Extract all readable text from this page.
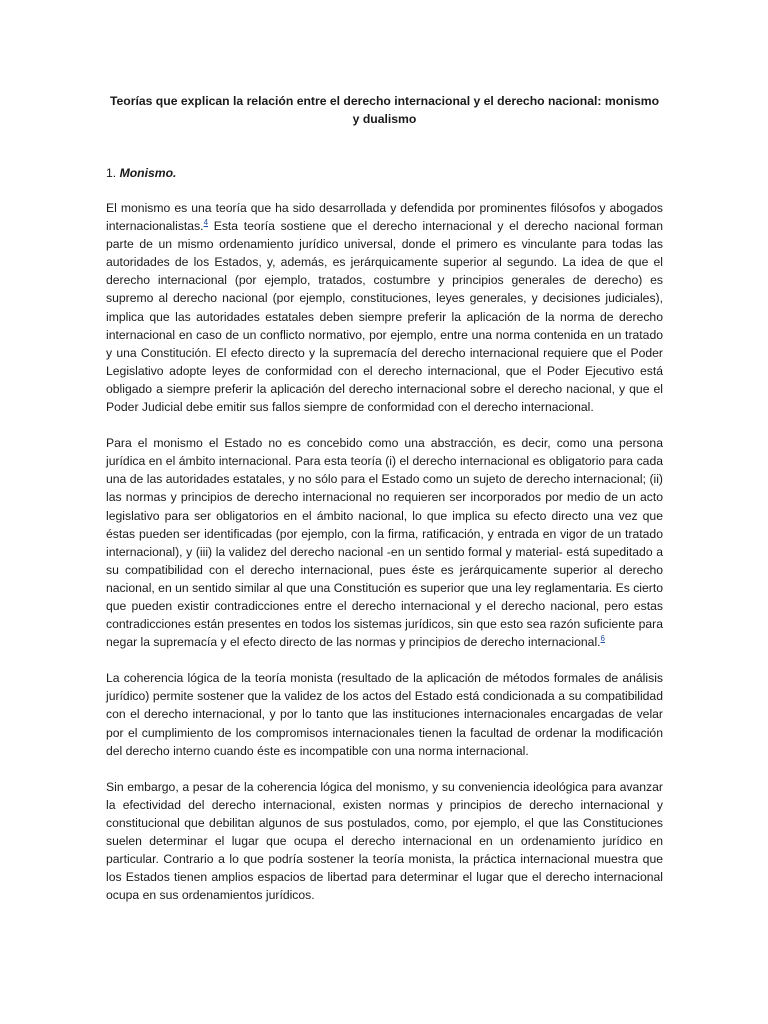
Teorías que explican la relación entre el derecho internacional y el derecho nacional: monismo y dualismo

1. Monismo.

El monismo es una teoría que ha sido desarrollada y defendida por prominentes filósofos y abogados internacionalistas.$^4$ Esta teoría sostiene que el derecho internacional y el derecho nacional forman parte de un mismo ordenamiento jurídico universal, donde el primero es vinculante para todas las autoridades de los Estados, y, además, es jerárquicamente superior al segundo. La idea de que el derecho internacional (por ejemplo, tratados, costumbre y principios generales de derecho) es supremo al derecho nacional (por ejemplo, constituciones, leyes generales, y decisiones judiciales), implica que las autoridades estatales deben siempre preferir la aplicación de la norma de derecho internacional en caso de un conflicto normativo, por ejemplo, entre una norma contenida en un tratado y una Constitución. El efecto directo y la supremacía del derecho internacional requiere que el Poder Legislativo adopte leyes de conformidad con el derecho internacional, que el Poder Ejecutivo está obligado a siempre preferir la aplicación del derecho internacional sobre el derecho nacional, y que el Poder Judicial debe emitir sus fallos siempre de conformidad con el derecho internacional.

Para el monismo el Estado no es concebido como una abstracción, es decir, como una persona jurídica en el ámbito internacional. Para esta teoría (i) el derecho internacional es obligatorio para cada una de las autoridades estatales, y no sólo para el Estado como un sujeto de derecho internacional; (ii) las normas y principios de derecho internacional no requieren ser incorporados por medio de un acto legislativo para ser obligatorios en el ámbito nacional, lo que implica su efecto directo una vez que éstas pueden ser identificadas (por ejemplo, con la firma, ratificación, y entrada en vigor de un tratado internacional), y (iii) la validez del derecho nacional -en un sentido formal y material- está supeditado a su compatibilidad con el derecho internacional, pues éste es jerárquicamente superior al derecho nacional, en un sentido similar al que una Constitución es superior que una ley reglamentaria. Es cierto que pueden existir contradicciones entre el derecho internacional y el derecho nacional, pero estas contradicciones están presentes en todos los sistemas jurídicos, sin que esto sea razón suficiente para negar la supremacía y el efecto directo de las normas y principios de derecho internacional.$^6$

La coherencia lógica de la teoría monista (resultado de la aplicación de métodos formales de análisis jurídico) permite sostener que la validez de los actos del Estado está condicionada a su compatibilidad con el derecho internacional, y por lo tanto que las instituciones internacionales encargadas de velar por el cumplimiento de los compromisos internacionales tienen la facultad de ordenar la modificación del derecho interno cuando éste es incompatible con una norma internacional.

Sin embargo, a pesar de la coherencia lógica del monismo, y su conveniencia ideológica para avanzar la efectividad del derecho internacional, existen normas y principios de derecho internacional y constitucional que debilitan algunos de sus postulados, como, por ejemplo, el que las Constituciones suelen determinar el lugar que ocupa el derecho internacional en un ordenamiento jurídico en particular. Contrario a lo que podría sostener la teoría monista, la práctica internacional muestra que los Estados tienen amplios espacios de libertad para determinar el lugar que el derecho internacional ocupa en sus ordenamientos jurídicos.
